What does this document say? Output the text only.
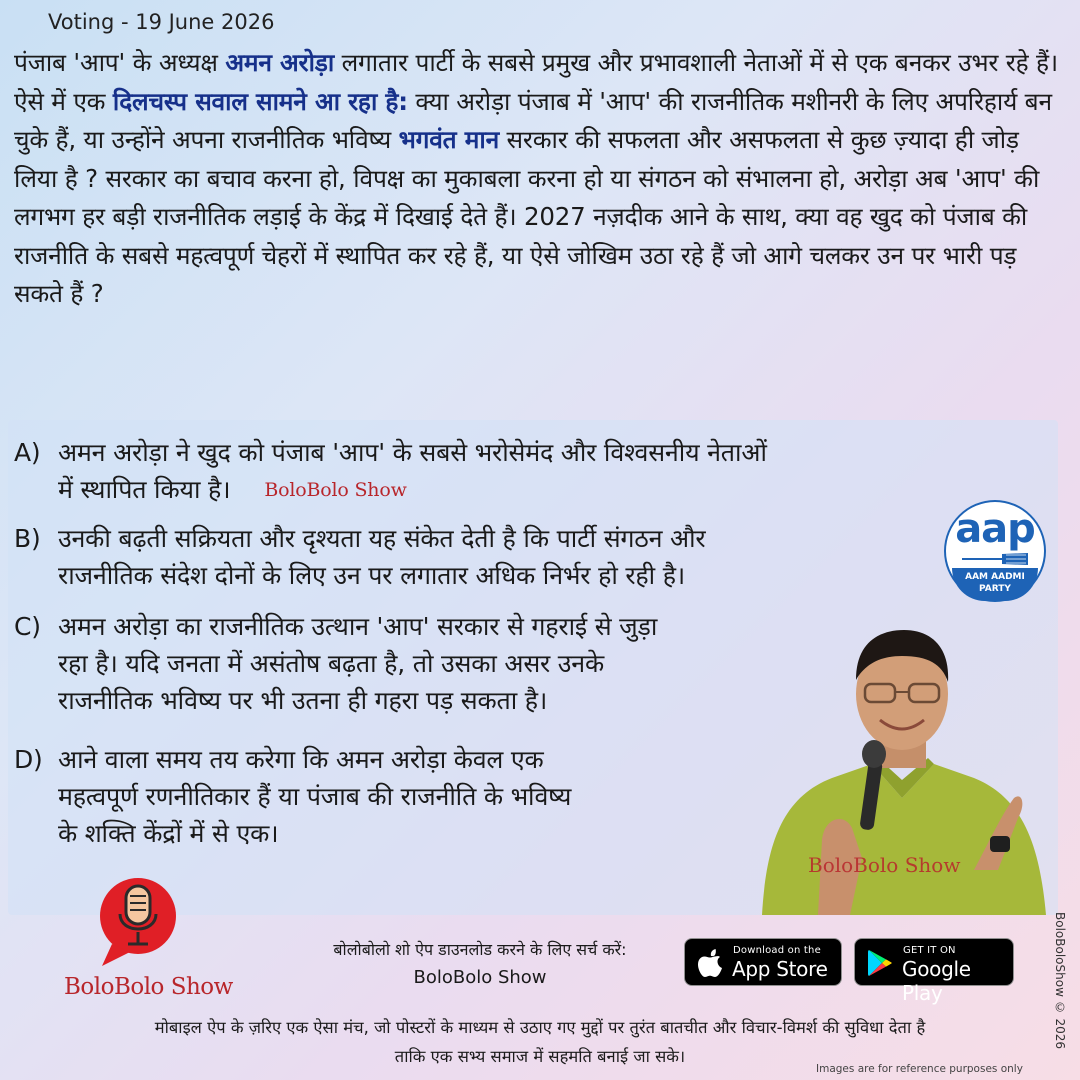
Voting - 19 June 2026
पंजाब 'आप' के अध्यक्ष अमन अरोड़ा लगातार पार्टी के सबसे प्रमुख और प्रभावशाली नेताओं में से एक बनकर उभर रहे हैं। ऐसे में एक दिलचस्प सवाल सामने आ रहा है: क्या अरोड़ा पंजाब में 'आप' की राजनीतिक मशीनरी के लिए अपरिहार्य बन चुके हैं, या उन्होंने अपना राजनीतिक भविष्य भगवंत मान सरकार की सफलता और असफलता से कुछ ज़्यादा ही जोड़ लिया है ? सरकार का बचाव करना हो, विपक्ष का मुकाबला करना हो या संगठन को संभालना हो, अरोड़ा अब 'आप' की लगभग हर बड़ी राजनीतिक लड़ाई के केंद्र में दिखाई देते हैं। 2027 नज़दीक आने के साथ, क्या वह खुद को पंजाब की राजनीति के सबसे महत्वपूर्ण चेहरों में स्थापित कर रहे हैं, या ऐसे जोखिम उठा रहे हैं जो आगे चलकर उन पर भारी पड़ सकते हैं ?
A) अमन अरोड़ा ने खुद को पंजाब 'आप' के सबसे भरोसेमंद और विश्वसनीय नेताओं
में स्थापित किया है। BoloBolo Show
B) उनकी बढ़ती सक्रियता और दृश्यता यह संकेत देती है कि पार्टी संगठन और
राजनीतिक संदेश दोनों के लिए उन पर लगातार अधिक निर्भर हो रही है।
C) अमन अरोड़ा का राजनीतिक उत्थान 'आप' सरकार से गहराई से जुड़ा
रहा है। यदि जनता में असंतोष बढ़ता है, तो उसका असर उनके
राजनीतिक भविष्य पर भी उतना ही गहरा पड़ सकता है।
D) आने वाला समय तय करेगा कि अमन अरोड़ा केवल एक
महत्वपूर्ण रणनीतिकार हैं या पंजाब की राजनीति के भविष्य
के शक्ति केंद्रों में से एक।
aap
AAM AADMI
PARTY
BoloBolo Show
BoloBolo Show
बोलोबोलो शो ऐप डाउनलोड करने के लिए सर्च करें:
BoloBolo Show
Download on the
App Store
GET IT ON
Google Play
मोबाइल ऐप के ज़रिए एक ऐसा मंच, जो पोस्टरों के माध्यम से उठाए गए मुद्दों पर तुरंत बातचीत और विचार-विमर्श की सुविधा देता है
ताकि एक सभ्य समाज में सहमति बनाई जा सके।
BoloBoloShow © 2026
Images are for reference purposes only
